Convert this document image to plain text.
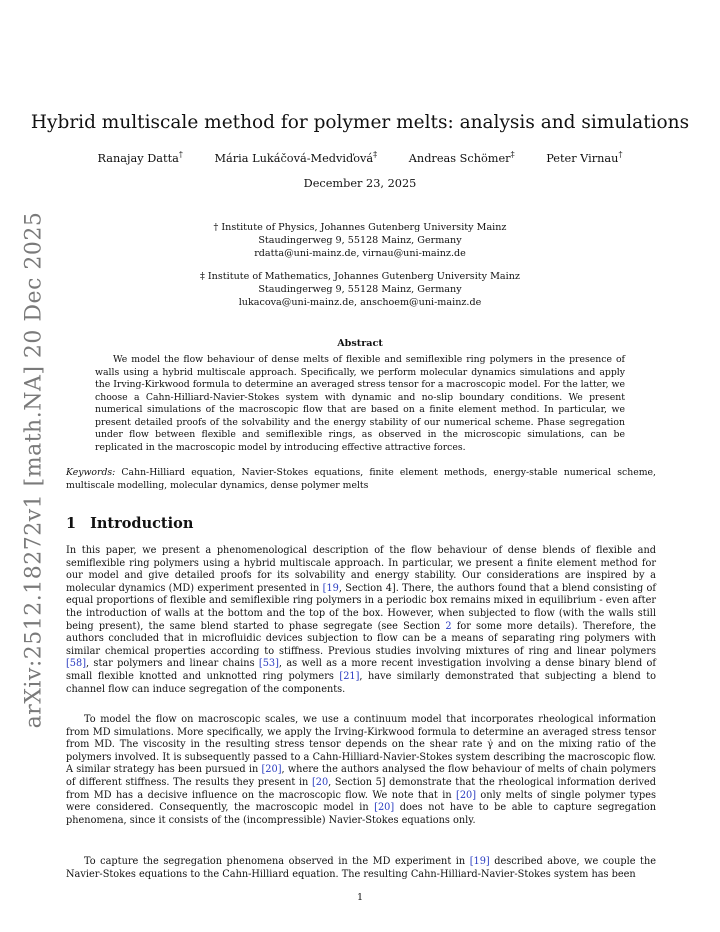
arXiv:2512.18272v1 [math.NA] 20 Dec 2025
Hybrid multiscale method for polymer melts: analysis and simulations
Ranajay Datta†	Mária Lukáčová-Medviďová‡	Andreas Schömer‡	Peter Virnau†
December 23, 2025
† Institute of Physics, Johannes Gutenberg University Mainz
Staudingerweg 9, 55128 Mainz, Germany
rdatta@uni-mainz.de, virnau@uni-mainz.de
‡ Institute of Mathematics, Johannes Gutenberg University Mainz
Staudingerweg 9, 55128 Mainz, Germany
lukacova@uni-mainz.de, anschoem@uni-mainz.de
Abstract
We model the flow behaviour of dense melts of flexible and semiflexible ring polymers in the presence of walls using a hybrid multiscale approach. Specifically, we perform molecular dynamics simulations and apply the Irving-Kirkwood formula to determine an averaged stress tensor for a macroscopic model. For the latter, we choose a Cahn-Hilliard-Navier-Stokes system with dynamic and no-slip boundary conditions. We present numerical simulations of the macroscopic flow that are based on a finite element method. In particular, we present detailed proofs of the solvability and the energy stability of our numerical scheme. Phase segregation under flow between flexible and semiflexible rings, as observed in the microscopic simulations, can be replicated in the macroscopic model by introducing effective attractive forces.
Keywords: Cahn-Hilliard equation, Navier-Stokes equations, finite element methods, energy-stable numerical scheme, multiscale modelling, molecular dynamics, dense polymer melts
1 Introduction
In this paper, we present a phenomenological description of the flow behaviour of dense blends of flexible and semiflexible ring polymers using a hybrid multiscale approach. In particular, we present a finite element method for our model and give detailed proofs for its solvability and energy stability. Our considerations are inspired by a molecular dynamics (MD) experiment presented in [19, Section 4]. There, the authors found that a blend consisting of equal proportions of flexible and semiflexible ring polymers in a periodic box remains mixed in equilibrium - even after the introduction of walls at the bottom and the top of the box. However, when subjected to flow (with the walls still being present), the same blend started to phase segregate (see Section 2 for some more details). Therefore, the authors concluded that in microfluidic devices subjection to flow can be a means of separating ring polymers with similar chemical properties according to stiffness. Previous studies involving mixtures of ring and linear polymers [58], star polymers and linear chains [53], as well as a more recent investigation involving a dense binary blend of small flexible knotted and unknotted ring polymers [21], have similarly demonstrated that subjecting a blend to channel flow can induce segregation of the components.
To model the flow on macroscopic scales, we use a continuum model that incorporates rheological information from MD simulations. More specifically, we apply the Irving-Kirkwood formula to determine an averaged stress tensor from MD. The viscosity in the resulting stress tensor depends on the shear rate γ̇ and on the mixing ratio of the polymers involved. It is subsequently passed to a Cahn-Hilliard-Navier-Stokes system describing the macroscopic flow. A similar strategy has been pursued in [20], where the authors analysed the flow behaviour of melts of chain polymers of different stiffness. The results they present in [20, Section 5] demonstrate that the rheological information derived from MD has a decisive influence on the macroscopic flow. We note that in [20] only melts of single polymer types were considered. Consequently, the macroscopic model in [20] does not have to be able to capture segregation phenomena, since it consists of the (incompressible) Navier-Stokes equations only.
To capture the segregation phenomena observed in the MD experiment in [19] described above, we couple the Navier-Stokes equations to the Cahn-Hilliard equation. The resulting Cahn-Hilliard-Navier-Stokes system has been
1
